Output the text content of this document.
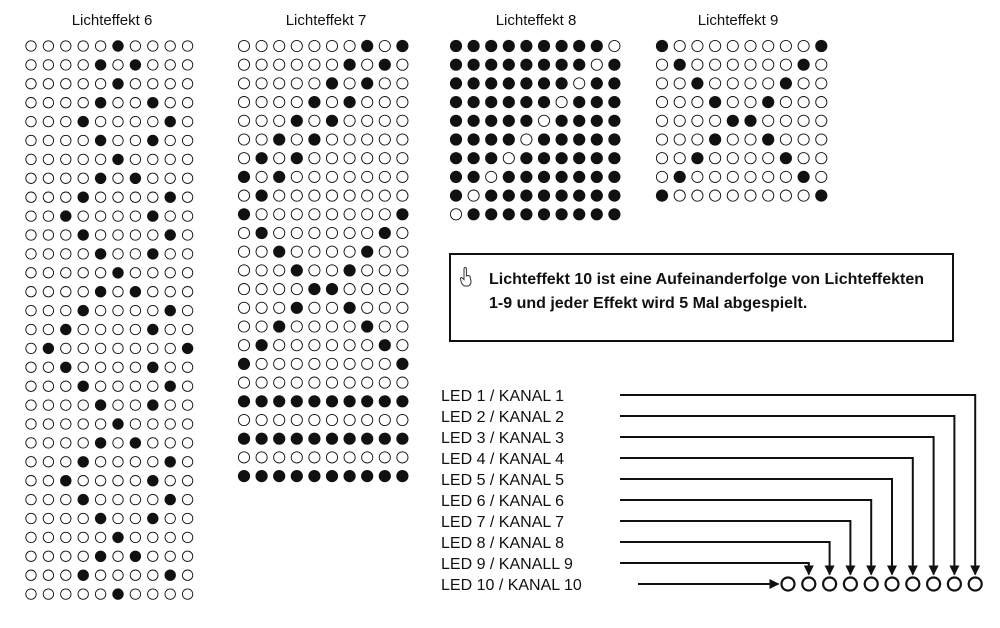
Lichteffekt 6	Lichteffekt 7	Lichteffekt 8	Lichteffekt 9
LED 1 / KANAL 1
LED 2 / KANAL 2
LED 3 / KANAL 3
LED 4 / KANAL 4
LED 5 / KANAL 5
LED 6 / KANAL 6
LED 7 / KANAL 7
LED 8 / KANAL 8
LED 9 / KANALL 9
LED 10 / KANAL 10
Lichteffekt 10 ist eine Aufeinanderfolge von Lichteffekten 1-9 und jeder Effekt wird 5 Mal abgespielt.
